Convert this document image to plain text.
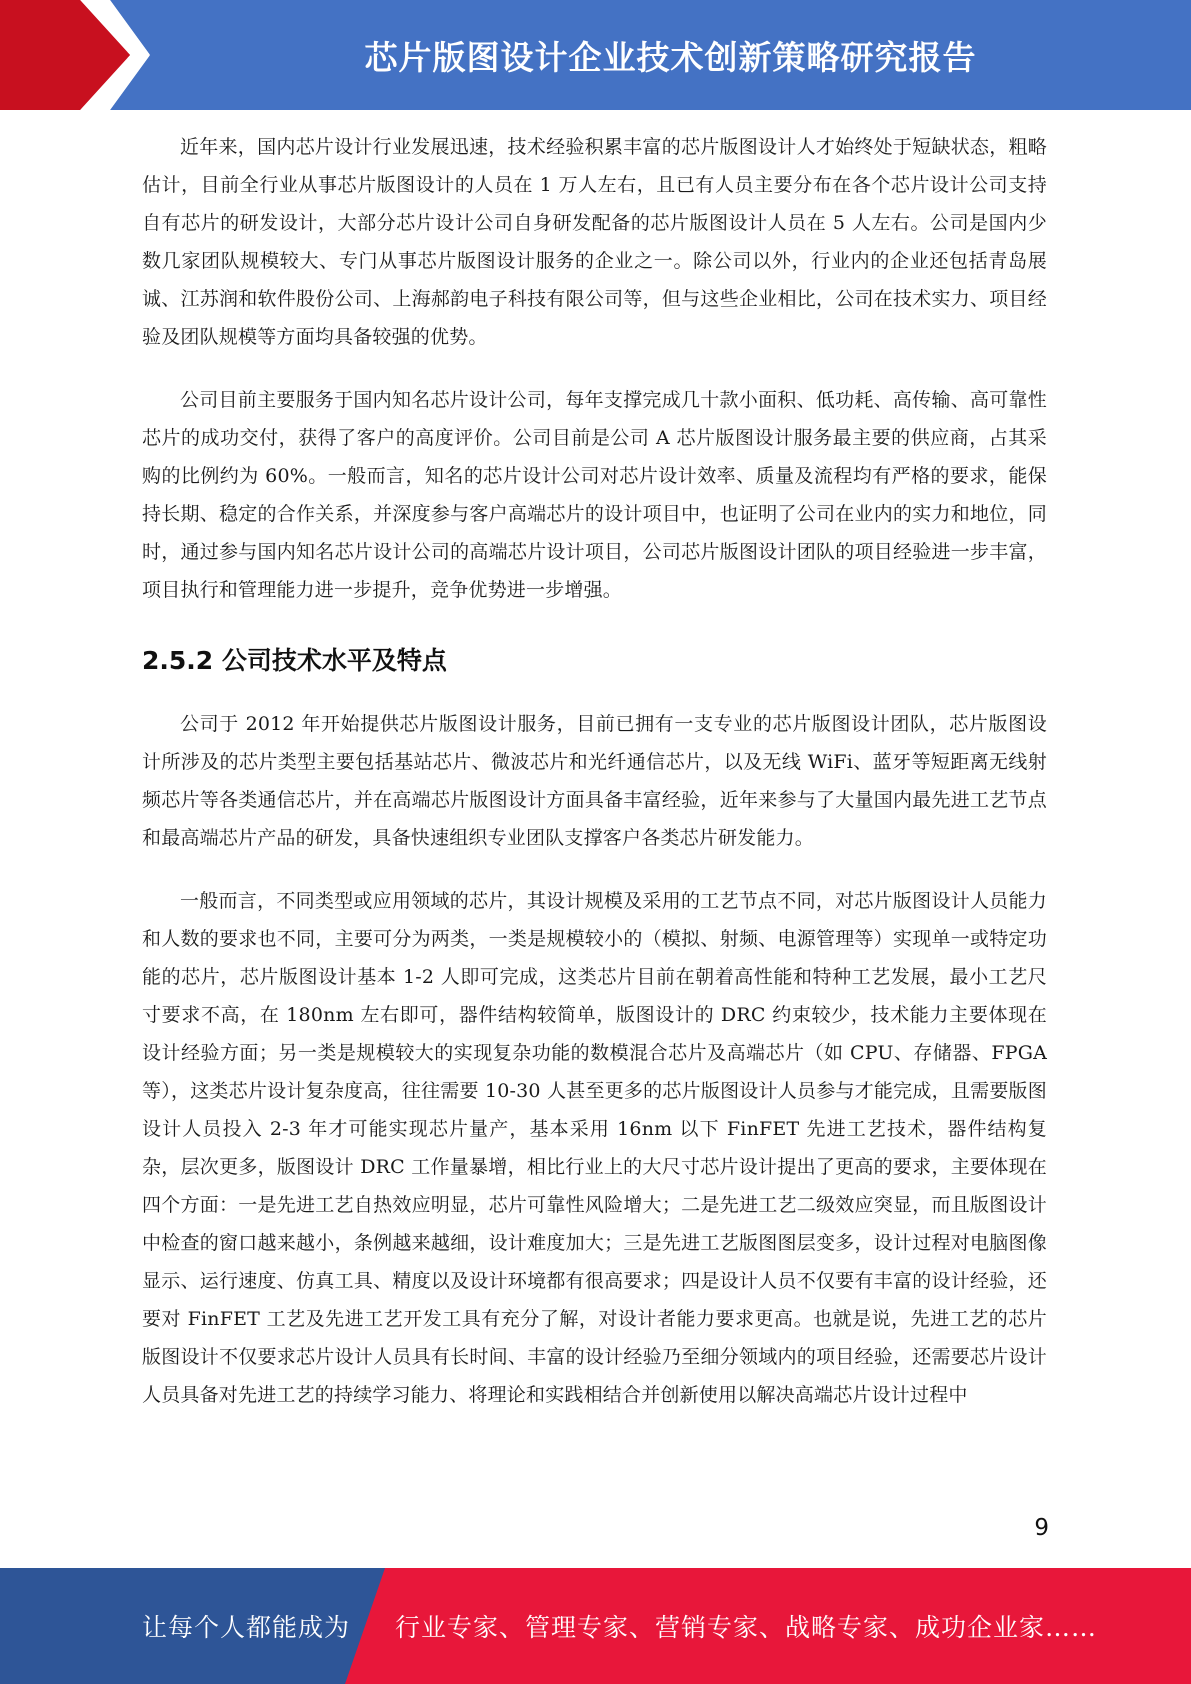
芯片版图设计企业技术创新策略研究报告

近年来，国内芯片设计行业发展迅速，技术经验积累丰富的芯片版图设计人才始终处于短缺状态，粗略估计，目前全行业从事芯片版图设计的人员在 1 万人左右，且已有人员主要分布在各个芯片设计公司支持自有芯片的研发设计，大部分芯片设计公司自身研发配备的芯片版图设计人员在 5 人左右。公司是国内少数几家团队规模较大、专门从事芯片版图设计服务的企业之一。除公司以外，行业内的企业还包括青岛展诚、江苏润和软件股份公司、上海郝韵电子科技有限公司等，但与这些企业相比，公司在技术实力、项目经验及团队规模等方面均具备较强的优势。

公司目前主要服务于国内知名芯片设计公司，每年支撑完成几十款小面积、低功耗、高传输、高可靠性芯片的成功交付，获得了客户的高度评价。公司目前是公司 A 芯片版图设计服务最主要的供应商，占其采购的比例约为 60%。一般而言，知名的芯片设计公司对芯片设计效率、质量及流程均有严格的要求，能保持长期、稳定的合作关系，并深度参与客户高端芯片的设计项目中，也证明了公司在业内的实力和地位，同时，通过参与国内知名芯片设计公司的高端芯片设计项目，公司芯片版图设计团队的项目经验进一步丰富，项目执行和管理能力进一步提升，竞争优势进一步增强。

2.5.2 公司技术水平及特点

公司于 2012 年开始提供芯片版图设计服务，目前已拥有一支专业的芯片版图设计团队，芯片版图设计所涉及的芯片类型主要包括基站芯片、微波芯片和光纤通信芯片，以及无线 WiFi、蓝牙等短距离无线射频芯片等各类通信芯片，并在高端芯片版图设计方面具备丰富经验，近年来参与了大量国内最先进工艺节点和最高端芯片产品的研发，具备快速组织专业团队支撑客户各类芯片研发能力。

一般而言，不同类型或应用领域的芯片，其设计规模及采用的工艺节点不同，对芯片版图设计人员能力和人数的要求也不同，主要可分为两类，一类是规模较小的（模拟、射频、电源管理等）实现单一或特定功能的芯片，芯片版图设计基本 1-2 人即可完成，这类芯片目前在朝着高性能和特种工艺发展，最小工艺尺寸要求不高，在 180nm 左右即可，器件结构较简单，版图设计的 DRC 约束较少，技术能力主要体现在设计经验方面；另一类是规模较大的实现复杂功能的数模混合芯片及高端芯片（如 CPU、存储器、FPGA 等），这类芯片设计复杂度高，往往需要 10-30 人甚至更多的芯片版图设计人员参与才能完成，且需要版图设计人员投入 2-3 年才可能实现芯片量产，基本采用 16nm 以下 FinFET 先进工艺技术，器件结构复杂，层次更多，版图设计 DRC 工作量暴增，相比行业上的大尺寸芯片设计提出了更高的要求，主要体现在四个方面：一是先进工艺自热效应明显，芯片可靠性风险增大；二是先进工艺二级效应突显，而且版图设计中检查的窗口越来越小，条例越来越细，设计难度加大；三是先进工艺版图图层变多，设计过程对电脑图像显示、运行速度、仿真工具、精度以及设计环境都有很高要求；四是设计人员不仅要有丰富的设计经验，还要对 FinFET 工艺及先进工艺开发工具有充分了解，对设计者能力要求更高。也就是说，先进工艺的芯片版图设计不仅要求芯片设计人员具有长时间、丰富的设计经验乃至细分领域内的项目经验，还需要芯片设计人员具备对先进工艺的持续学习能力、将理论和实践相结合并创新使用以解决高端芯片设计过程中

9
让每个人都能成为 行业专家、管理专家、营销专家、战略专家、成功企业家……
